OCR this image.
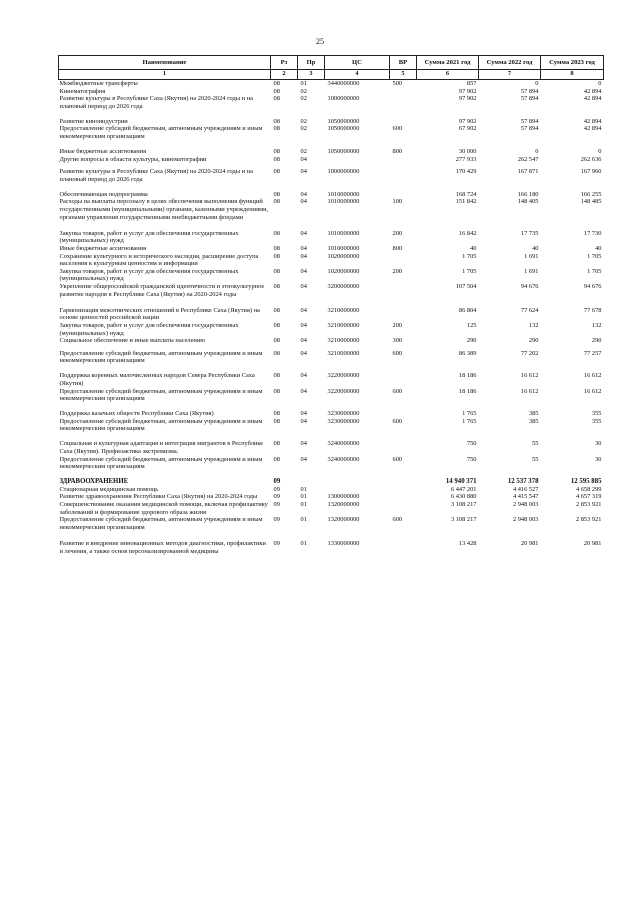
25
Наименование	Рз	Пр	ЦС	ВР	Сумма 2021 год	Сумма 2022 год	Сумма 2023 год
1	2	3	4	5	6	7	8
Межбюджетные трансферты	08	01	3440000000	500	857	0	0
Кинематография	08	02			97 902	57 894	42 894
Развитие культуры в Республике Саха (Якутия) на 2020-2024 годы и на плановый период до 2026 года	08	02	1000000000		97 902	57 894	42 894

Развитие кинoиндустрии	08	02	1050000000		97 902	57 894	42 894
Предоставление субсидий бюджетным, автономным учреждениям и иным некоммерческим организациям	08	02	1050000000	600	67 902	57 894	42 894

Иные бюджетные ассигнования	08	02	1050000000	800	30 000	0	0
Другие вопросы в области культуры, кинематографии	08	04			277 933	262 547	262 636

Развитие культуры в Республике Саха (Якутия) на 2020-2024 годы и на плановый период до 2026 года	08	04	1000000000		170 429	167 871	167 960

Обеспечивающая подпрограмма	08	04	1010000000		168 724	166 180	166 255
Расходы на выплаты персоналу в целях обеспечения выполнения функций государственными (муниципальными) органами, казенными учреждениями, органами управления государственными внебюджетными фондами	08	04	1010000000	100	151 842	148 405	148 485

Закупка товаров, работ и услуг для обеспечения государственных (муниципальных) нужд	08	04	1010000000	200	16 842	17 735	17 730
Иные бюджетные ассигнования	08	04	1010000000	800	40	40	40
Сохранение культурного и исторического наследия, расширение доступа населения к культурным ценностям и информации	08	04	1020000000		1 705	1 691	1 705
Закупка товаров, работ и услуг для обеспечения государственных (муниципальных) нужд	08	04	1020000000	200	1 705	1 691	1 705
Укрепление общероссийской гражданской идентичности и этнокультурное развитие народов в Республике Саха (Якутия) на 2020-2024 годы	08	04	3200000000		107 504	94 676	94 676

Гармонизация межэтнических отношений в Республике Саха (Якутия) на основе ценностей российской нации	08	04	3210000000		86 804	77 624	77 678
Закупка товаров, работ и услуг для обеспечения государственных (муниципальных) нужд	08	04	3210000000	200	125	132	132
Социальное обеспечение и иные выплаты населению	08	04	3210000000	300	290	290	290

Предоставление субсидий бюджетным, автономным учреждениям и иным некоммерческим организациям	08	04	3210000000	600	86 389	77 202	77 257

Поддержка коренных малочисленных народов Севера Республики Саха (Якутия)	08	04	3220000000		18 186	16 612	16 612
Предоставление субсидий бюджетным, автономным учреждениям и иным некоммерческим организациям	08	04	3220000000	600	18 186	16 612	16 612

Поддержка казачьих обществ Республики Саха (Якутия)	08	04	3230000000		1 765	385	355
Предоставление субсидий бюджетным, автономным учреждениям и иным некоммерческим организациям	08	04	3230000000	600	1 765	385	355

Социальная и культурная адаптация и интеграция мигрантов в Республике Саха (Якутия). Профилактика экстремизма.	08	04	3240000000		750	55	30
Предоставление субсидий бюджетным, автономным учреждениям и иным некоммерческим организациям	08	04	3240000000	600	750	55	30

ЗДРАВООХРАНЕНИЕ	09				14 940 371	12 537 378	12 595 885
Стационарная медицинская помощь	09	01			6 447 201	4 416 527	4 658 299
Развитие здравоохранения Республики Саха (Якутия) на 2020-2024 годы	09	01	1300000000		6 430 880	4 415 547	4 657 319
Совершенствование оказания медицинской помощи, включая профилактику заболеваний и формирование здорового образа жизни	09	01	1320000000		3 108 217	2 948 003	2 853 921
Предоставление субсидий бюджетным, автономным учреждениям и иным некоммерческим организациям	09	01	1320000000	600	3 108 217	2 948 003	2 853 921

Развитие и внедрение инновационных методов диагностики, профилактики и лечения, а также основ персонализированной медицины	09	01	1330000000		13 428	20 981	20 981
